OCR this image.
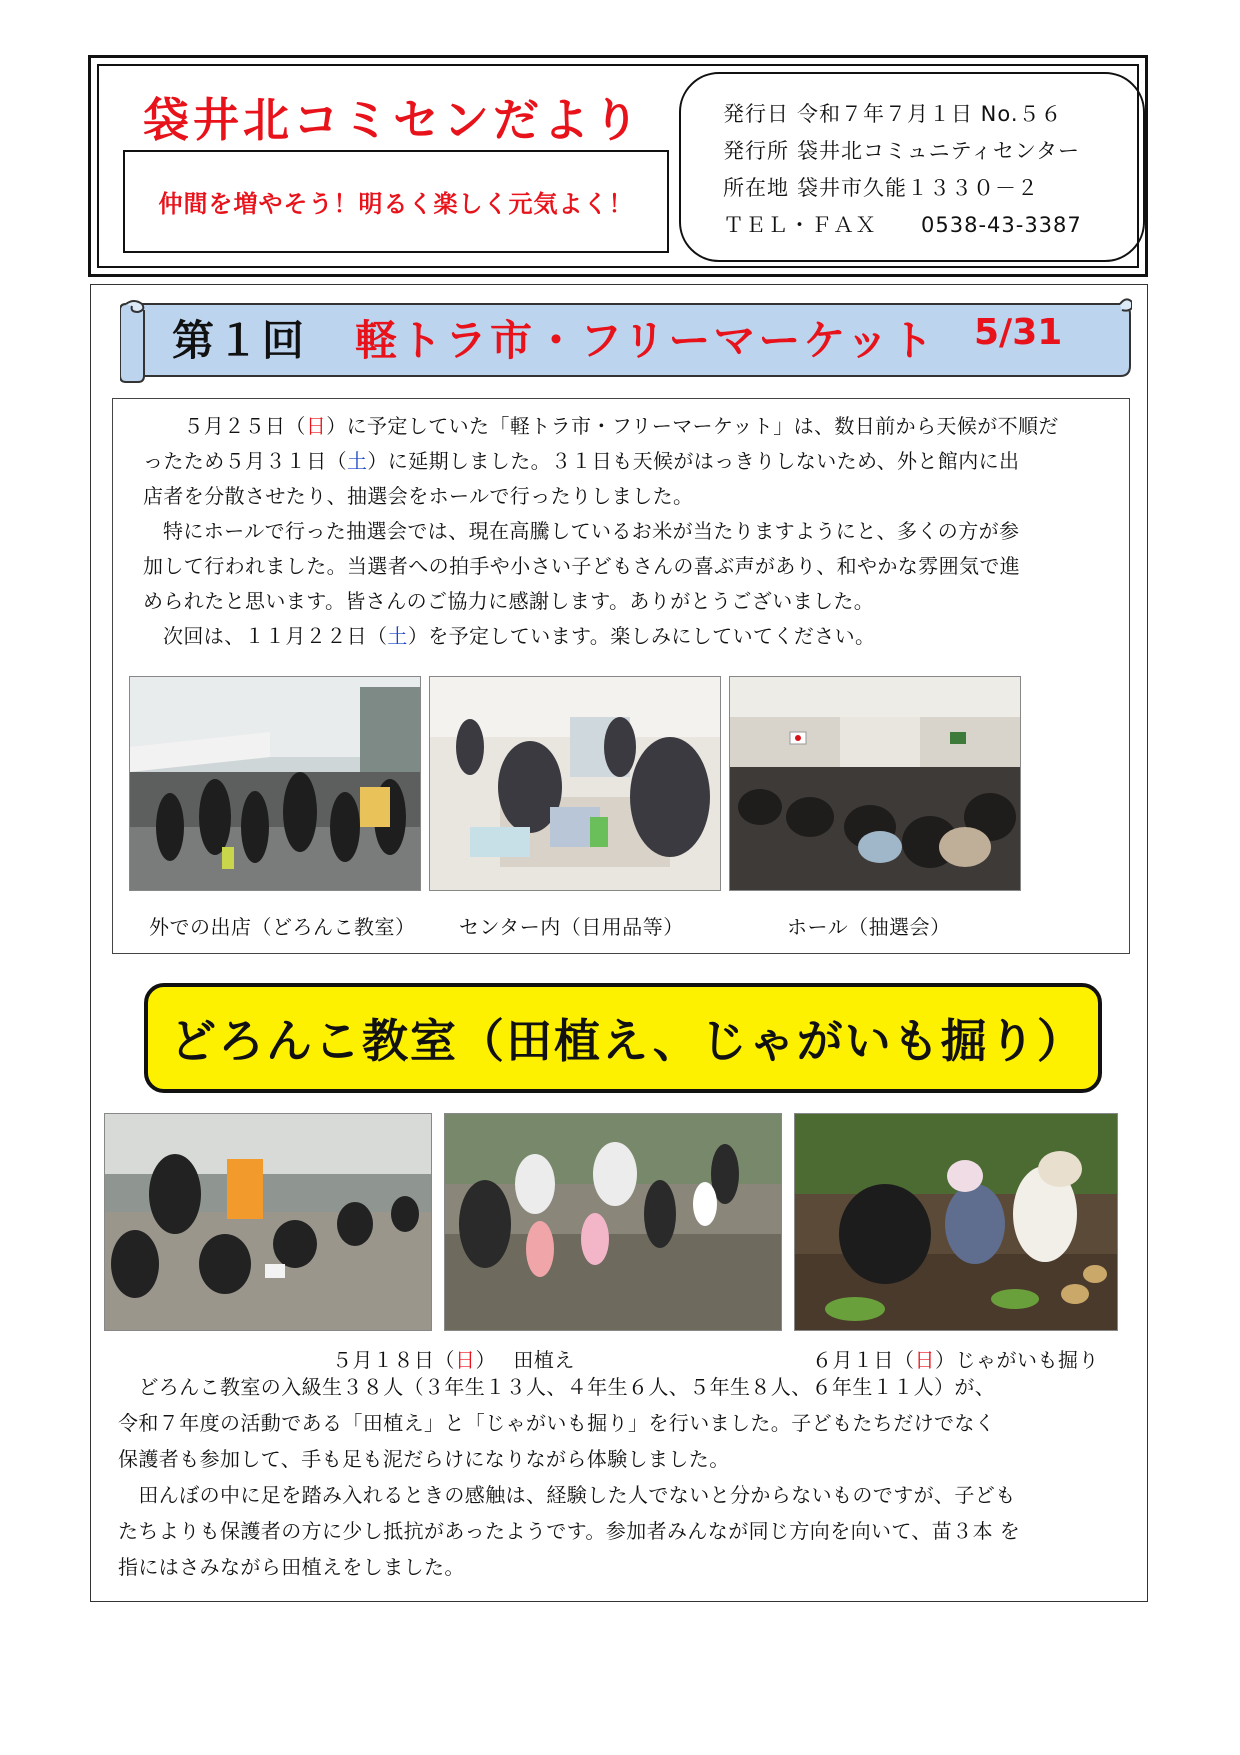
袋井北コミセンだより
仲間を増やそう！明るく楽しく元気よく！
発行日 令和７年７月１日 No.５６
発行所 袋井北コミュニティセンター
所在地 袋井市久能１３３０－２
ＴＥＬ・ＦＡＸ 0538-43-3387
第１回 軽トラ市・フリーマーケット 5/31
　５月２５日（日）に予定していた「軽トラ市・フリーマーケット」は、数日前から天候が不順だ
ったため５月３１日（土）に延期しました。３１日も天候がはっきりしないため、外と館内に出
店者を分散させたり、抽選会をホールで行ったりしました。
特にホールで行った抽選会では、現在高騰しているお米が当たりますようにと、多くの方が参
加して行われました。当選者への拍手や小さい子どもさんの喜ぶ声があり、和やかな雰囲気で進
められたと思います。皆さんのご協力に感謝します。ありがとうございました。
次回は、１１月２２日（土）を予定しています。楽しみにしていてください。
外での出店（どろんこ教室） センター内（日用品等）	ホール（抽選会）
どろんこ教室（田植え、じゃがいも掘り）
５月１８日（日）　 田植え	６月１日（日）じゃがいも掘り
　どろんこ教室の入級生３８人（３年生１３人、４年生６人、５年生８人、６年生１１人）が、
令和７年度の活動である「田植え」と「じゃがいも掘り」を行いました。子どもたちだけでなく
保護者も参加して、手も足も泥だらけになりながら体験しました。
　田んぼの中に足を踏み入れるときの感触は、経験した人でないと分からないものですが、子ども
たちよりも保護者の方に少し抵抗があったようです。参加者みんなが同じ方向を向いて、苗３本 を
指にはさみながら田植えをしました。
